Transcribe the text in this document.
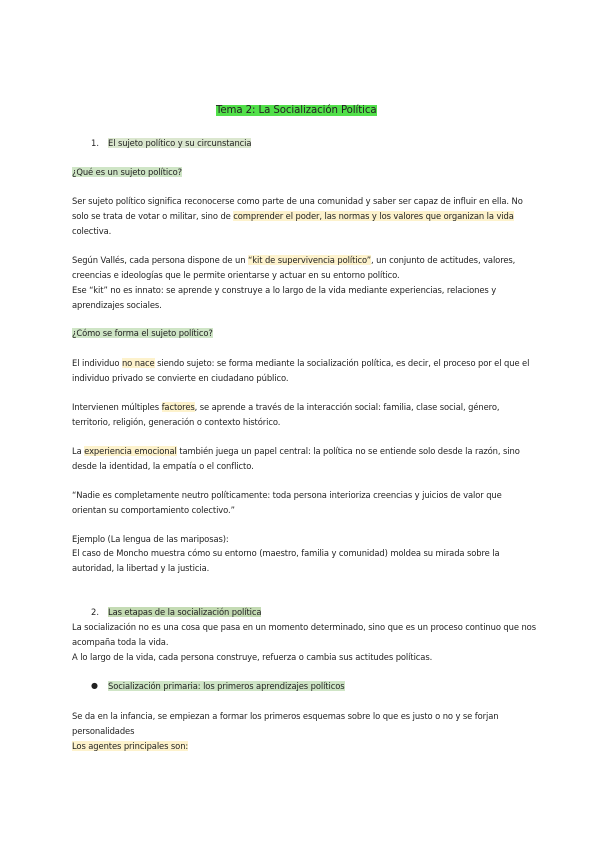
Tema 2: La Socialización Política
1. El sujeto político y su circunstancia
¿Qué es un sujeto político?
Ser sujeto político significa reconocerse como parte de una comunidad y saber ser capaz de influir en ella. No
solo se trata de votar o militar, sino de comprender el poder, las normas y los valores que organizan la vida
colectiva.
Según Vallés, cada persona dispone de un “kit de supervivencia político”, un conjunto de actitudes, valores,
creencias e ideologías que le permite orientarse y actuar en su entorno político.
Ese “kit” no es innato: se aprende y construye a lo largo de la vida mediante experiencias, relaciones y
aprendizajes sociales.
¿Cómo se forma el sujeto político?
El individuo no nace siendo sujeto: se forma mediante la socialización política, es decir, el proceso por el que el
individuo privado se convierte en ciudadano público.
Intervienen múltiples factores, se aprende a través de la interacción social: familia, clase social, género,
territorio, religión, generación o contexto histórico.
La experiencia emocional también juega un papel central: la política no se entiende solo desde la razón, sino
desde la identidad, la empatía o el conflicto.
“Nadie es completamente neutro políticamente: toda persona interioriza creencias y juicios de valor que
orientan su comportamiento colectivo.”
Ejemplo (La lengua de las mariposas):
El caso de Moncho muestra cómo su entorno (maestro, familia y comunidad) moldea su mirada sobre la
autoridad, la libertad y la justicia.
2. Las etapas de la socialización política
La socialización no es una cosa que pasa en un momento determinado, sino que es un proceso continuo que nos
acompaña toda la vida.
A lo largo de la vida, cada persona construye, refuerza o cambia sus actitudes políticas.
● Socialización primaria: los primeros aprendizajes políticos
Se da en la infancia, se empiezan a formar los primeros esquemas sobre lo que es justo o no y se forjan
personalidades
Los agentes principales son:
